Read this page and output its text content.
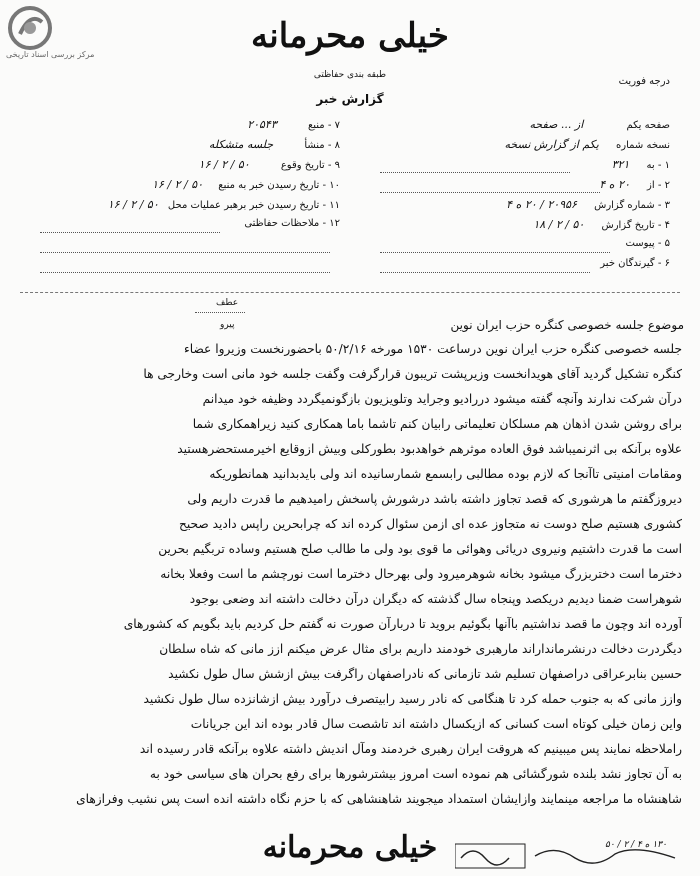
مرکز بررسی اسناد تاریخی	خیلی محرمانه
طبقه بندی حفاظتی
گزارش خبر
درجه فوریت
صفحه یکم از ... صفحه
نسخه شماره یکم از گزارش نسخه
۱ - به ۳۲۱
۲ - از ۲۰ ه ۴
۳ - شماره گزارش ۲۰۹۵۶ / ۲۰ ه ۴
۴ - تاریخ گزارش ۵۰ / ۲ / ۱۸
۵ - پیوست
۶ - گیرندگان خبر
۷ - منبع ۲۰۵۴۳
۸ - منشأ جلسه متشکله
۹ - تاریخ وقوع ۵۰ / ۲ / ۱۶
۱۰ - تاریخ رسیدن خبر به منبع ۵۰ / ۲ / ۱۶
۱۱ - تاریخ رسیدن خبر برهبر عملیات محل ۵۰ / ۲ / ۱۶
۱۲ - ملاحظات حفاظتی
عطف
پیرو	موضوع جلسه خصوصی کنگره حزب ایران نوین
جلسه خصوصی کنگره حزب ایران نوین درساعت ۱۵۳۰ مورخه ۵۰/۲/۱۶ باحضورنخست وزیروا عضاء
کنگره تشکیل گردید آقای هویدانخست وزیرپشت تریبون قرارگرفت وگفت جلسه خود مانی است وخارجی ها
درآن شرکت ندارند وآنچه گفته میشود دررادیو وجراید وتلویزیون بازگونمیگردد وظیفه خود میدانم
برای روشن شدن اذهان هم مسلکان تعلیماتی رابیان کنم تاشما باما همکاری کنید زیراهمکاری شما
علاوه برآنکه بی اثرنمیباشد فوق العاده موثرهم خواهدبود بطورکلی وبیش ازوقایع اخیرمستحضرهستید
ومقامات امنیتی تاآنجا که لازم بوده مطالبی رابسمع شمارسانیده اند ولی بایدبدانید همانطوریکه
دیروزگفتم ما هرشوری که قصد تجاوز داشته باشد درشورش پاسخش رامیدهیم ما قدرت داریم ولی
کشوری هستیم صلح دوست نه متجاوز عده ای ازمن سئوال کرده اند که چرابحرین راپس دادید صحیح
است ما قدرت داشتیم ونیروی دریائی وهوائی ما قوی بود ولی ما طالب صلح هستیم وساده تربگیم بحرین
دخترما است دختربزرگ میشود بخانه شوهرمیرود ولی بهرحال دخترما است نورچشم ما است وفعلا بخانه
شوهراست ضمنا دیدیم دریکصد وپنجاه سال گذشته که دیگران درآن دخالت داشته اند وضعی بوجود
آورده اند وچون ما قصد نداشتیم باآنها بگوئیم بروید تا دربارآن صورت نه گفتم حل کردیم باید بگویم که کشورهای
دیگردرت دخالت درنشرمانداراند مارهبری خودمند داریم برای مثال عرض میکنم ازز مانی که شاه سلطان
حسین بنابرعراقی دراصفهان تسلیم شد تازمانی که نادراصفهان راگرفت بیش ازشش سال طول نکشید
وازز مانی که به جنوب حمله کرد تا هنگامی که نادر رسید رابیتصرف درآورد بیش ازشانزده سال طول نکشید
واین زمان خیلی کوتاه است کسانی که ازیکسال داشته اند تاشصت سال قادر بوده اند این جریانات
راملاحظه نمایند پس میبینیم که هروقت ایران رهبری خردمند ومآل اندیش داشته علاوه برآنکه قادر رسیده اند
به آن تجاوز نشد بلنده شورگشائی هم نموده است امروز بیشترشورها برای رفع بحران های سیاسی خود به
شاهنشاه ما مراجعه مینمایند وازایشان استمداد میجویند شاهنشاهی که با حزم نگاه داشته انده است پس نشیب وفرازهای
خیلی محرمانه	۱۳۰ ه ۴ / ۲ / ۵۰
